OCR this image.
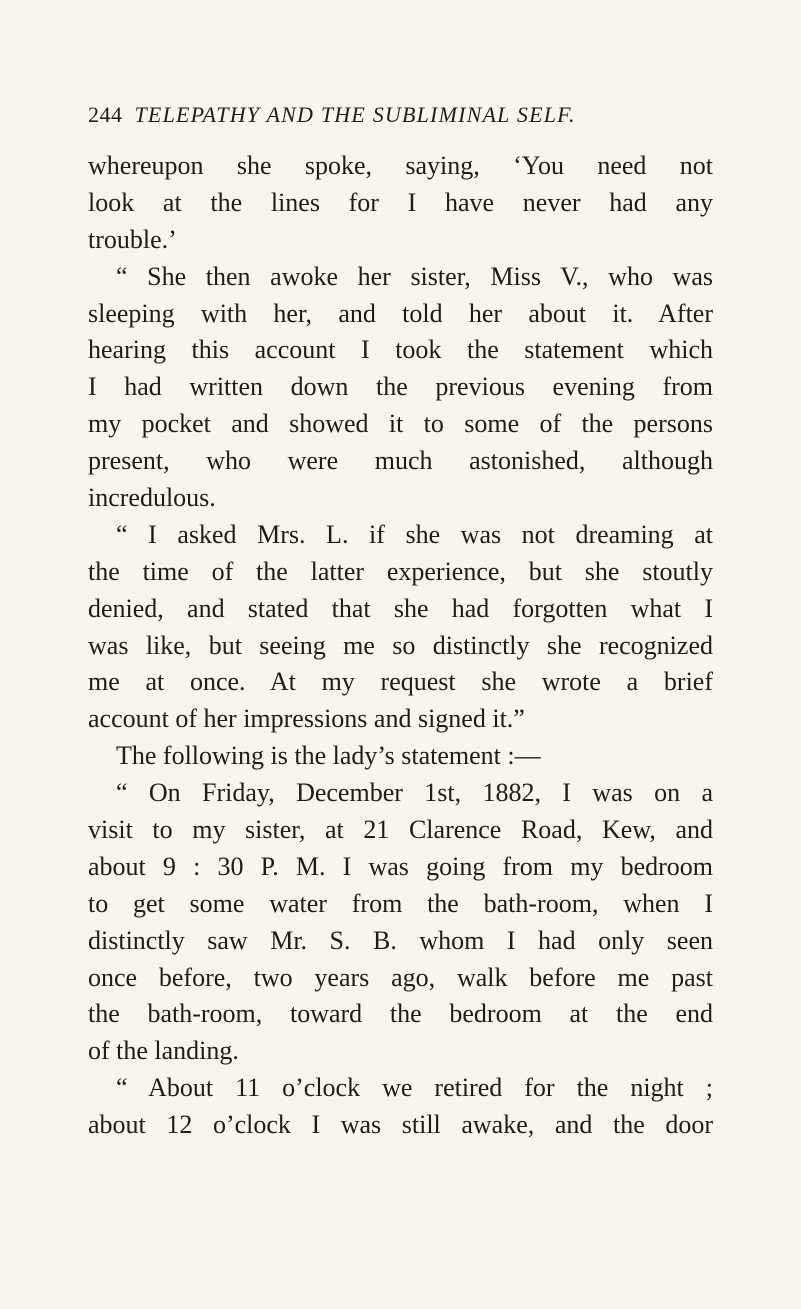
244 TELEPATHY AND THE SUBLIMINAL SELF.
whereupon she spoke, saying, ‘You need not
look at the lines for I have never had any
trouble.’
“ She then awoke her sister, Miss V., who was
sleeping with her, and told her about it. After
hearing this account I took the statement which
I had written down the previous evening from
my pocket and showed it to some of the persons
present, who were much astonished, although
incredulous.
“ I asked Mrs. L. if she was not dreaming at
the time of the latter experience, but she stoutly
denied, and stated that she had forgotten what I
was like, but seeing me so distinctly she recognized
me at once. At my request she wrote a brief
account of her impressions and signed it.”
The following is the lady’s statement :—
“ On Friday, December 1st, 1882, I was on a
visit to my sister, at 21 Clarence Road, Kew, and
about 9 : 30 P. M. I was going from my bedroom
to get some water from the bath-room, when I
distinctly saw Mr. S. B. whom I had only seen
once before, two years ago, walk before me past
the bath-room, toward the bedroom at the end
of the landing.
“ About 11 o’clock we retired for the night ;
about 12 o’clock I was still awake, and the door
